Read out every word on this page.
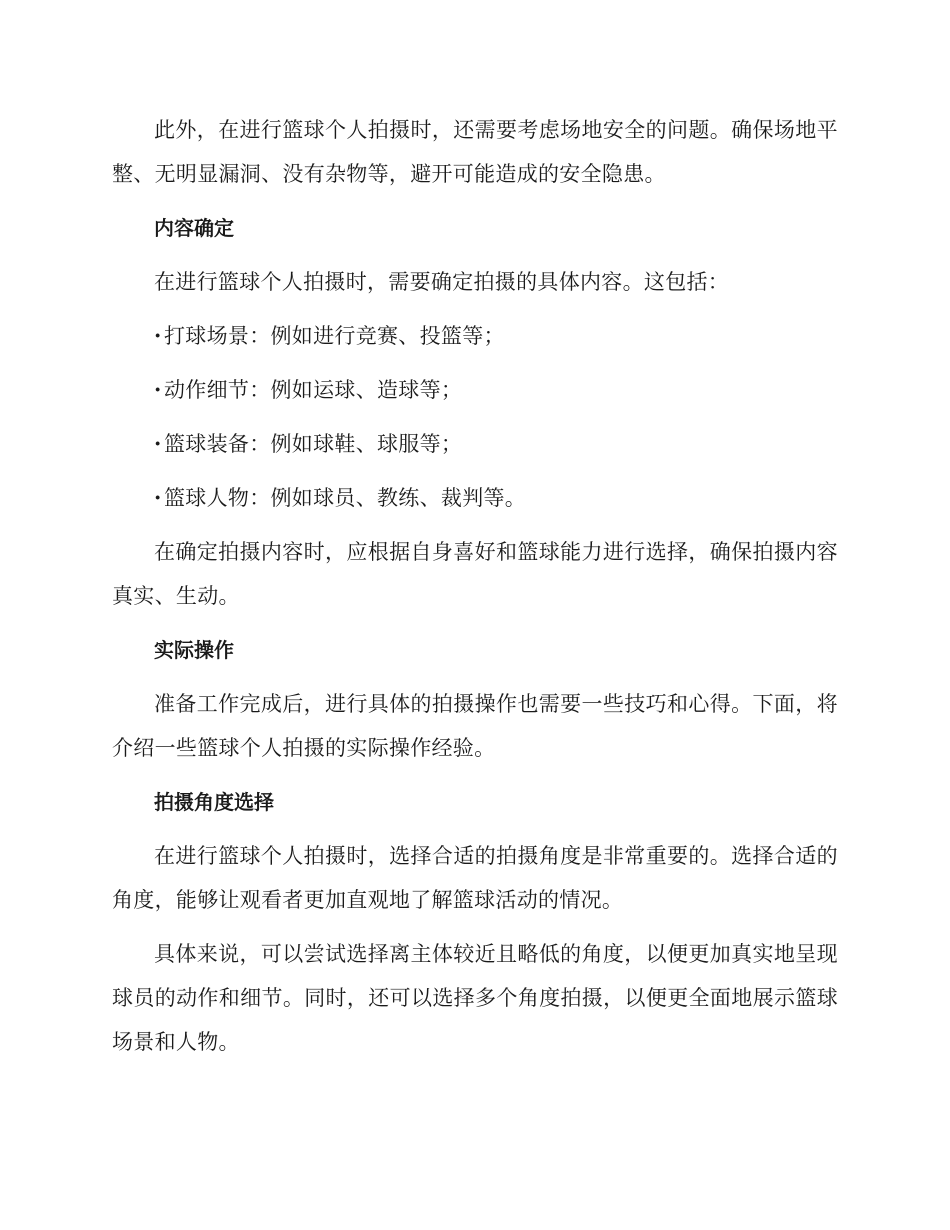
此外，在进行篮球个人拍摄时，还需要考虑场地安全的问题。确保场地平整、无明显漏洞、没有杂物等，避开可能造成的安全隐患。

内容确定

在进行篮球个人拍摄时，需要确定拍摄的具体内容。这包括：

· 打球场景：例如进行竞赛、投篮等；
· 动作细节：例如运球、造球等；
· 篮球装备：例如球鞋、球服等；
· 篮球人物：例如球员、教练、裁判等。

在确定拍摄内容时，应根据自身喜好和篮球能力进行选择，确保拍摄内容真实、生动。

实际操作

准备工作完成后，进行具体的拍摄操作也需要一些技巧和心得。下面，将介绍一些篮球个人拍摄的实际操作经验。

拍摄角度选择

在进行篮球个人拍摄时，选择合适的拍摄角度是非常重要的。选择合适的角度，能够让观看者更加直观地了解篮球活动的情况。

具体来说，可以尝试选择离主体较近且略低的角度，以便更加真实地呈现球员的动作和细节。同时，还可以选择多个角度拍摄，以便更全面地展示篮球场景和人物。
